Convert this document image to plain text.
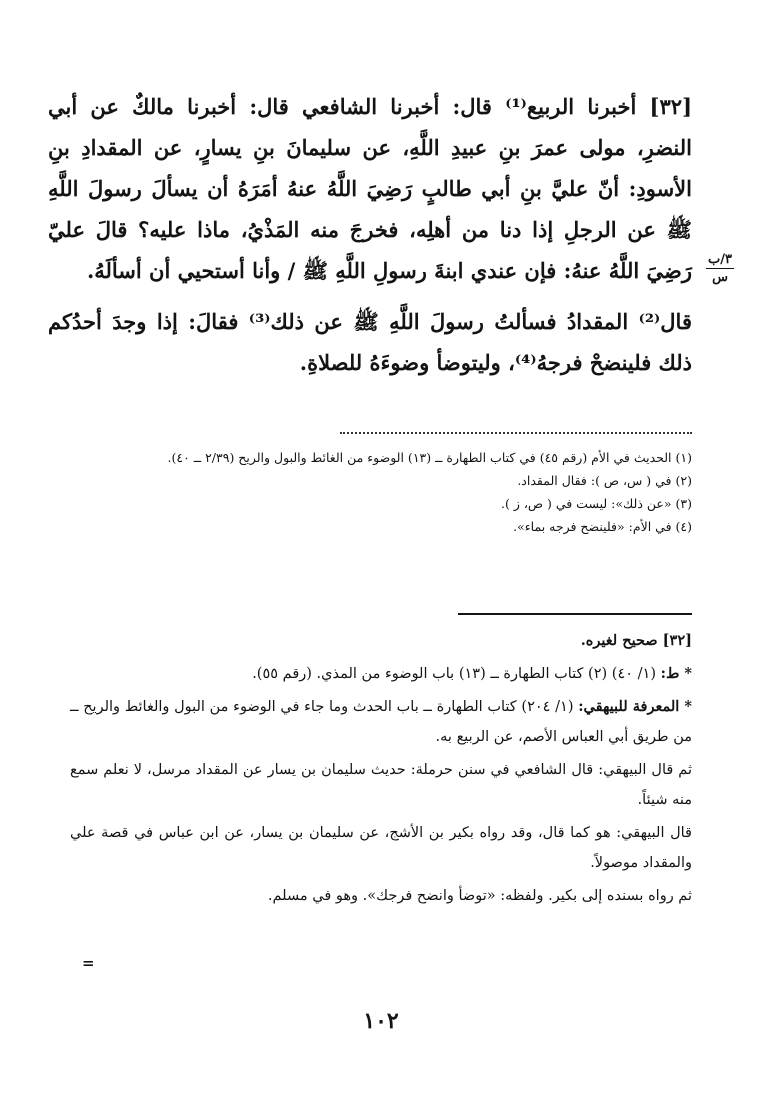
[٣٢] أخبرنا الربيع⁽¹⁾ قال: أخبرنا الشافعي قال: أخبرنا مالكٌ عن أبي النضرِ، مولى عمرَ بنِ عبيدِ اللَّهِ، عن سليمانَ بنِ يسارٍ، عن المقدادِ بنِ الأسودِ: أنّ عليَّ بنِ أبي طالبٍ رَضِيَ اللَّهُ عنهُ أمَرَهُ أن يسألَ رسولَ اللَّهِ ﷺ عن الرجلِ إذا دنا من أهلِه، فخرجَ منه المَذْيُ، ماذا عليه؟ قالَ عليّ رَضِيَ اللَّهُ عنهُ: فإن عندي ابنةَ رسولِ اللَّهِ ﷺ / وأنا أستحيي أن أسألَهُ.

قال⁽²⁾ المقدادُ فسألتُ رسولَ اللَّهِ ﷺ عن ذلك⁽³⁾ فقالَ: إذا وجدَ أحدُكم ذلك فلينضحْ فرجهُ⁽⁴⁾، وليتوضأ وضوءَهُ للصلاةِ.

٣/ب
س
(١) الحديث في الأم (رقم ٤٥) في كتاب الطهارة ــ (١٣) الوضوء من الغائط والبول والريح (٢/٣٩ ــ ٤٠).
(٢) في ( س، ص ): فقال المقداد.
(٣) «عن ذلك»: ليست في ( ص، ز ).
(٤) في الأم: «فلينضح فرجه بماء».
[٣٢] صحيح لغيره.
* ط: (١/ ٤٠) (٢) كتاب الطهارة ــ (١٣) باب الوضوء من المذي. (رقم ٥٥).
* المعرفة للبيهقي: (١/ ٢٠٤) كتاب الطهارة ــ باب الحدث وما جاء في الوضوء من البول والغائط والريح ــ من طريق أبي العباس الأصم، عن الربيع به.
ثم قال البيهقي: قال الشافعي في سنن حرملة: حديث سليمان بن يسار عن المقداد مرسل، لا نعلم سمع منه شيئاً.
قال البيهقي: هو كما قال، وقد رواه بكير بن الأشج، عن سليمان بن يسار، عن ابن عباس في قصة علي والمقداد موصولاً.
ثم رواه بسنده إلى بكير. ولفظه: «توضأ وانضح فرجك». وهو في مسلم.
=
١٠٢
